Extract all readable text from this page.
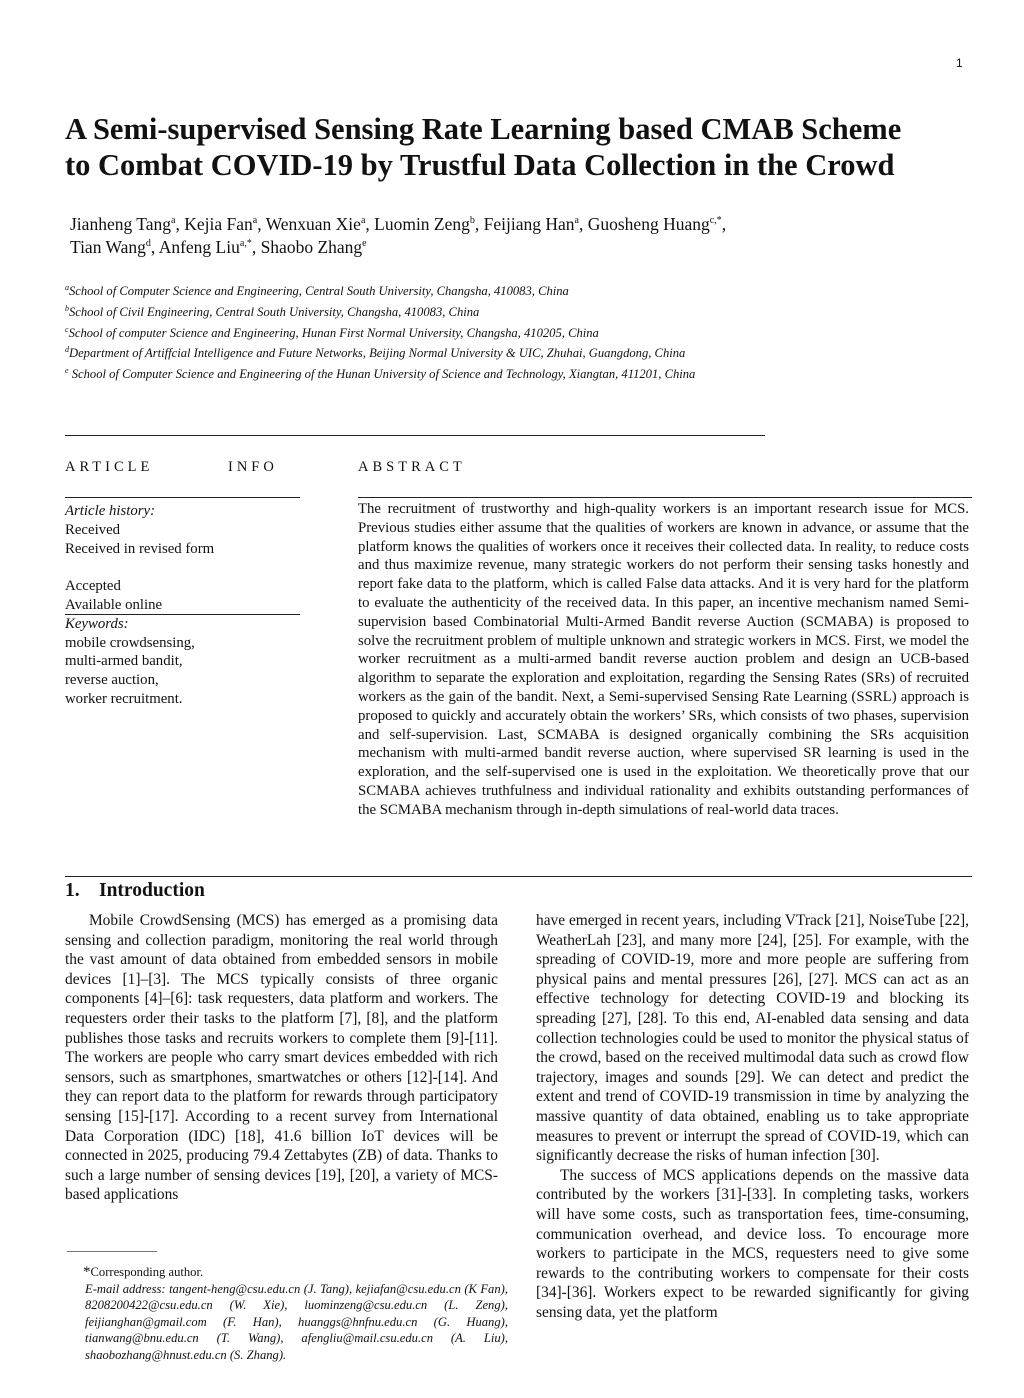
1
A Semi-supervised Sensing Rate Learning based CMAB Scheme
to Combat COVID-19 by Trustful Data Collection in the Crowd
Jianheng Tang$^a$, Kejia Fan$^a$, Wenxuan Xie$^a$, Luomin Zeng$^b$, Feijiang Han$^a$, Guosheng Huang$^{c,*}$,
Tian Wang$^d$, Anfeng Liu$^{a,*}$, Shaobo Zhang$^e$
$^a$School of Computer Science and Engineering, Central South University, Changsha, 410083, China
$^b$School of Civil Engineering, Central South University, Changsha, 410083, China
$^c$School of computer Science and Engineering, Hunan First Normal University, Changsha, 410205, China
$^d$Department of Artiffcial Intelligence and Future Networks, Beijing Normal University & UIC, Zhuhai, Guangdong, China
$^e$ School of Computer Science and Engineering of the Hunan University of Science and Technology, Xiangtan, 411201, China
ARTICLE	INFO	ABSTRACT
Article history:
Received
Received in revised form
Accepted
Available online
Keywords:
mobile crowdsensing,
multi-armed bandit,
reverse auction,
worker recruitment.
The recruitment of trustworthy and high-quality workers is an important research issue for MCS. Previous studies either assume that the qualities of workers are known in advance, or assume that the platform knows the qualities of workers once it receives their collected data. In reality, to reduce costs and thus maximize revenue, many strategic workers do not perform their sensing tasks honestly and report fake data to the platform, which is called False data attacks. And it is very hard for the platform to evaluate the authenticity of the received data. In this paper, an incentive mechanism named Semi-supervision based Combinatorial Multi-Armed Bandit reverse Auction (SCMABA) is proposed to solve the recruitment problem of multiple unknown and strategic workers in MCS. First, we model the worker recruitment as a multi-armed bandit reverse auction problem and design an UCB-based algorithm to separate the exploration and exploitation, regarding the Sensing Rates (SRs) of recruited workers as the gain of the bandit. Next, a Semi-supervised Sensing Rate Learning (SSRL) approach is proposed to quickly and accurately obtain the workers’ SRs, which consists of two phases, supervision and self-supervision. Last, SCMABA is designed organically combining the SRs acquisition mechanism with multi-armed bandit reverse auction, where supervised SR learning is used in the exploration, and the self-supervised one is used in the exploitation. We theoretically prove that our SCMABA achieves truthfulness and individual rationality and exhibits outstanding performances of the SCMABA mechanism through in-depth simulations of real-world data traces.
1. Introduction

Mobile CrowdSensing (MCS) has emerged as a promising data sensing and collection paradigm, monitoring the real world through the vast amount of data obtained from embedded sensors in mobile devices [1]–[3]. The MCS typically consists of three organic components [4]–[6]: task requesters, data platform and workers. The requesters order their tasks to the platform [7], [8], and the platform publishes those tasks and recruits workers to complete them [9]-[11]. The workers are people who carry smart devices embedded with rich sensors, such as smartphones, smartwatches or others [12]-[14]. And they can report data to the platform for rewards through participatory sensing [15]-[17]. According to a recent survey from International Data Corporation (IDC) [18], 41.6 billion IoT devices will be connected in 2025, producing 79.4 Zettabytes (ZB) of data. Thanks to such a large number of sensing devices [19], [20], a variety of MCS-based applications

have emerged in recent years, including VTrack [21], NoiseTube [22], WeatherLah [23], and many more [24], [25]. For example, with the spreading of COVID-19, more and more people are suffering from physical pains and mental pressures [26], [27]. MCS can act as an effective technology for detecting COVID-19 and blocking its spreading [27], [28]. To this end, AI-enabled data sensing and data collection technologies could be used to monitor the physical status of the crowd, based on the received multimodal data such as crowd flow trajectory, images and sounds [29]. We can detect and predict the extent and trend of COVID-19 transmission in time by analyzing the massive quantity of data obtained, enabling us to take appropriate measures to prevent or interrupt the spread of COVID-19, which can significantly decrease the risks of human infection [30].

The success of MCS applications depends on the massive data contributed by the workers [31]-[33]. In completing tasks, workers will have some costs, such as transportation fees, time-consuming, communication overhead, and device loss. To encourage more workers to participate in the MCS, requesters need to give some rewards to the contributing workers to compensate for their costs [34]-[36]. Workers expect to be rewarded significantly for giving sensing data, yet the platform

*Corresponding author.
E-mail address: tangent-heng@csu.edu.cn (J. Tang), kejiafan@csu.edu.cn (K Fan), 8208200422@csu.edu.cn (W. Xie), luominzeng@csu.edu.cn (L. Zeng), feijianghan@gmail.com (F. Han), huanggs@hnfnu.edu.cn (G. Huang), tianwang@bnu.edu.cn (T. Wang), afengliu@mail.csu.edu.cn (A. Liu), shaobozhang@hnust.edu.cn (S. Zhang).
